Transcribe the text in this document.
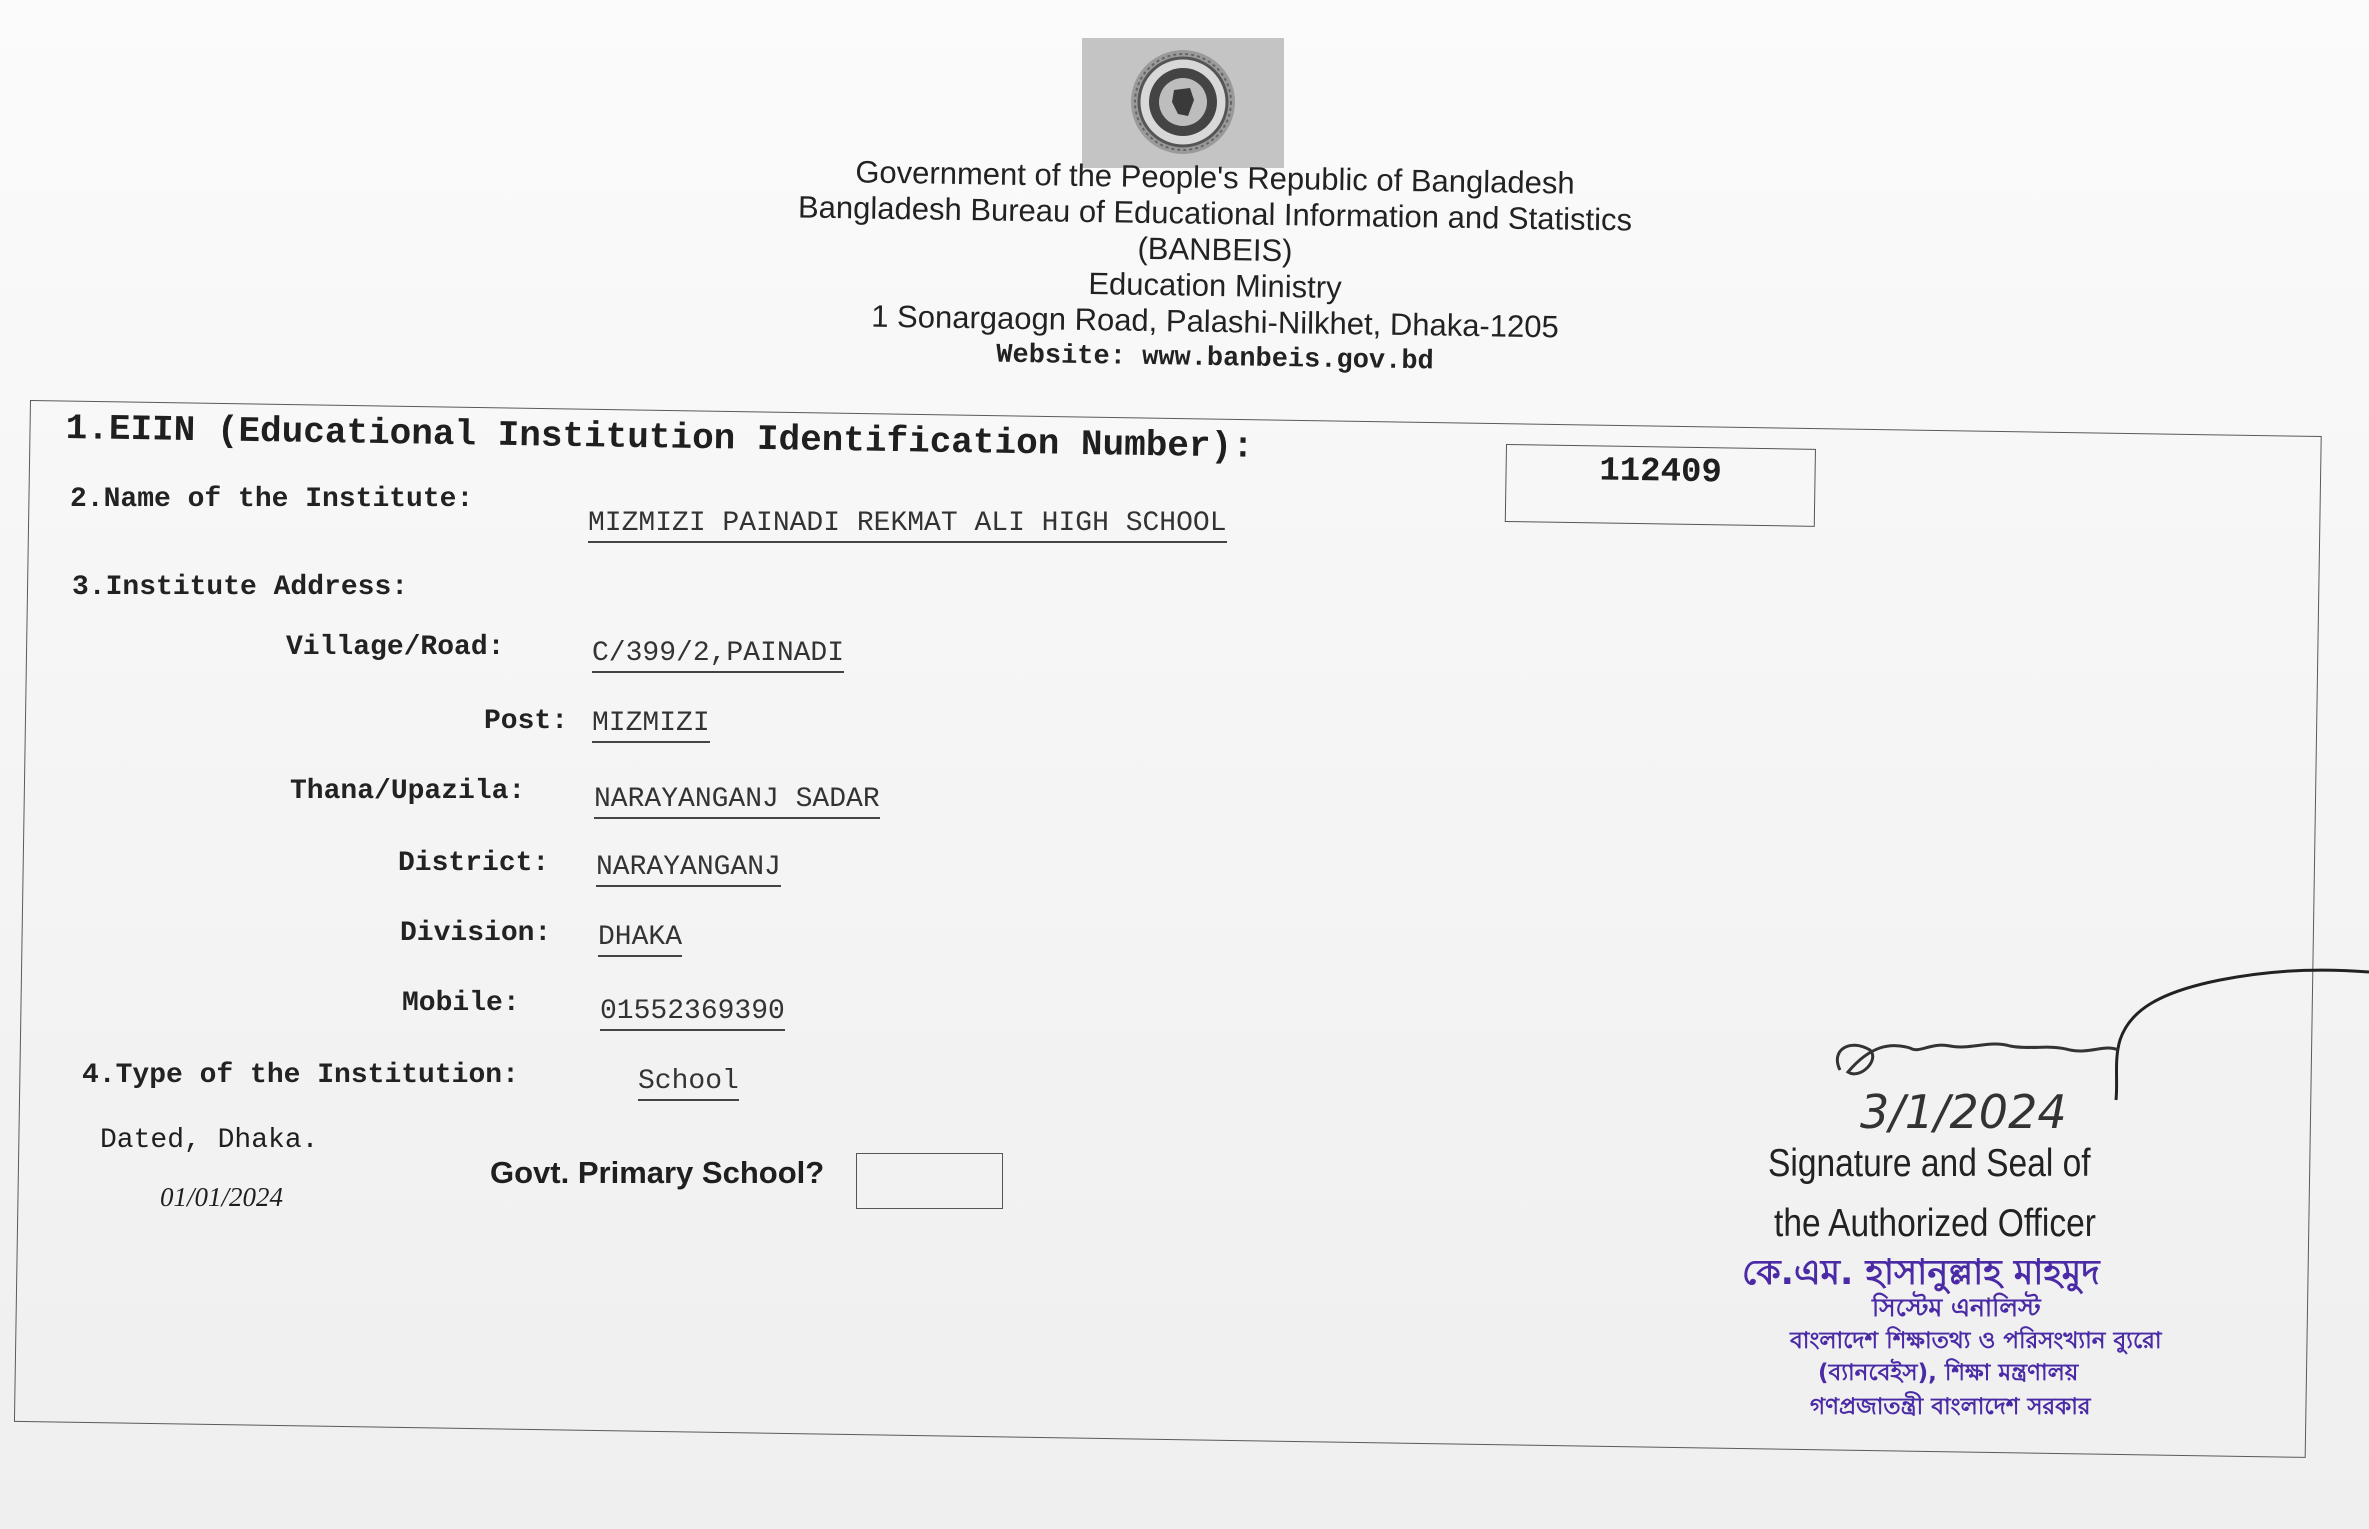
Government of the People's Republic of Bangladesh
Bangladesh Bureau of Educational Information and Statistics
(BANBEIS)
Education Ministry
1 Sonargaogn Road, Palashi-Nilkhet, Dhaka-1205
Website: www.banbeis.gov.bd
1.EIIN (Educational Institution Identification Number):
112409
2.Name of the Institute:
MIZMIZI PAINADI REKMAT ALI HIGH SCHOOL
3.Institute Address:
Village/Road:	C/399/2,PAINADI
Post: MIZMIZI
Thana/Upazila: NARAYANGANJ SADAR
District: NARAYANGANJ
Division: DHAKA
Mobile:	01552369390
4.Type of the Institution:	School
Dated, Dhaka.
01/01/2024
Govt. Primary School?
3/1/2024
Signature and Seal of
the Authorized Officer
কে.এম. হাসানুল্লাহ মাহমুদ
সিস্টেম এনালিস্ট
বাংলাদেশ শিক্ষাতথ্য ও পরিসংখ্যান ব্যুরো
(ব্যানবেইস), শিক্ষা মন্ত্রণালয়
গণপ্রজাতন্ত্রী বাংলাদেশ সরকার
